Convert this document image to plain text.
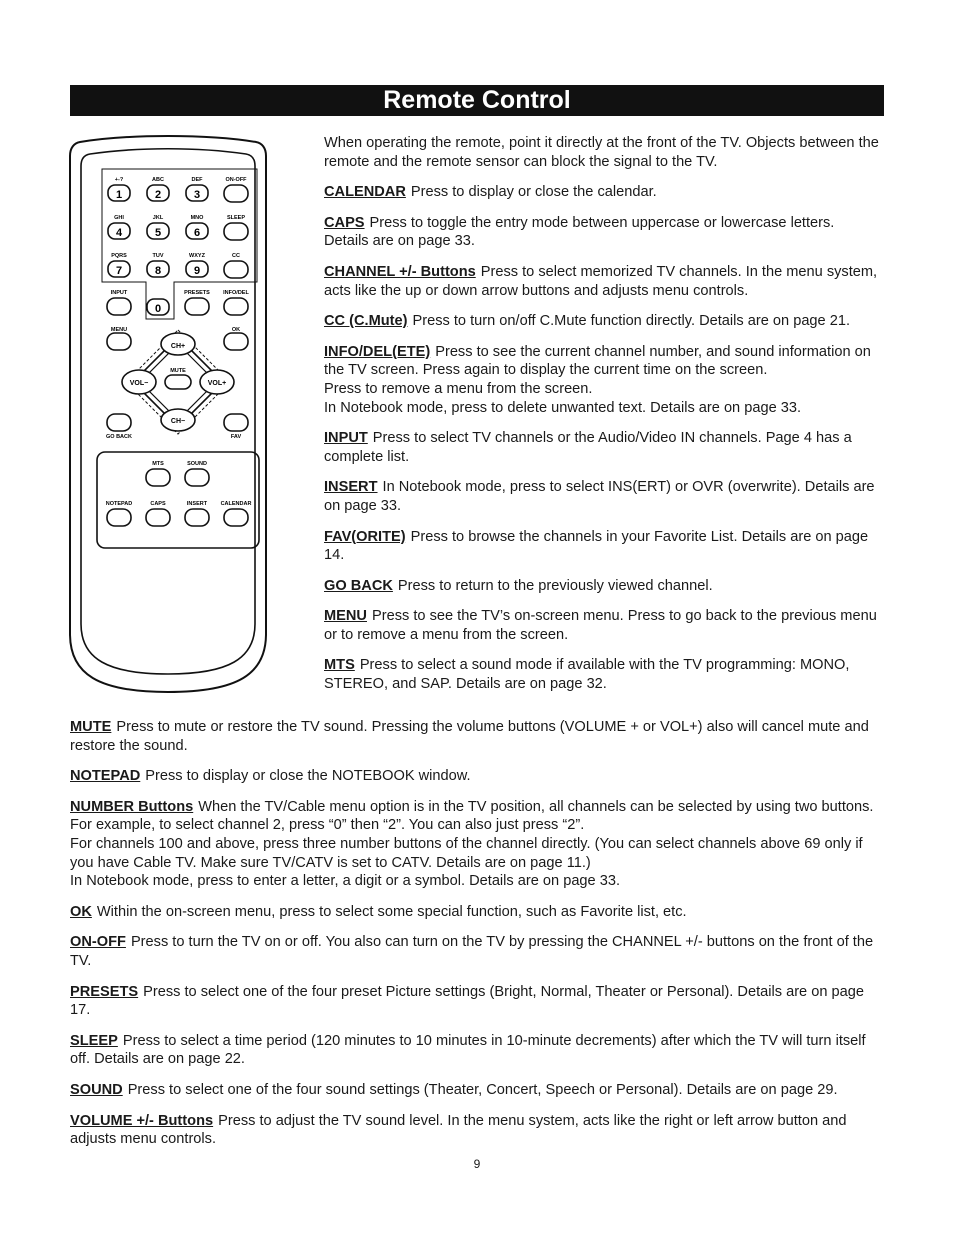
Remote Control
+-?
1
ABC
2
DEF
3
GHI
4
JKL
5
MNO
6
PQRS
7
TUV
8
WXYZ
9
0
ON-OFF
SLEEP
CC
INPUT	PRESETS INFO/DEL
CH+
CH−
VOL−	VOL+
MUTE
MENU	OK
GO BACK	FAV
MTS	SOUND
NOTEPAD	CAPS	INSERT CALENDAR

When operating the remote, point it directly at the front of the TV. Objects between the remote and the remote sensor can block the signal to the TV.

CALENDAR Press to display or close the calendar.

CAPS Press to toggle the entry mode between uppercase or lowercase letters. Details are on page 33.

CHANNEL +/- Buttons Press to select memorized TV channels. In the menu system, acts like the up or down arrow buttons and adjusts menu controls.

CC (C.Mute) Press to turn on/off C.Mute function directly. Details are on page 21.

INFO/DEL(ETE) Press to see the current channel number, and sound information on the TV screen. Press again to display the current time on the screen.
Press to remove a menu from the screen.
In Notebook mode, press to delete unwanted text. Details are on page 33.

INPUT Press to select TV channels or the Audio/Video IN channels. Page 4 has a complete list.

INSERT In Notebook mode, press to select INS(ERT) or OVR (overwrite). Details are on page 33.

FAV(ORITE) Press to browse the channels in your Favorite List. Details are on page 14.

GO BACK Press to return to the previously viewed channel.

MENU Press to see the TV’s on-screen menu. Press to go back to the previous menu or to remove a menu from the screen.

MTS Press to select a sound mode if available with the TV programming: MONO, STEREO, and SAP. Details are on page 32.

MUTE Press to mute or restore the TV sound. Pressing the volume buttons (VOLUME + or VOL+) also will cancel mute and restore the sound.

NOTEPAD Press to display or close the NOTEBOOK window.

NUMBER Buttons When the TV/Cable menu option is in the TV position, all channels can be selected by using two buttons. For example, to select channel 2, press “0” then “2”. You can also just press “2”.
For channels 100 and above, press three number buttons of the channel directly. (You can select channels above 69 only if you have Cable TV. Make sure TV/CATV is set to CATV. Details are on page 11.)
In Notebook mode, press to enter a letter, a digit or a symbol. Details are on page 33.

OK Within the on-screen menu, press to select some special function, such as Favorite list, etc.

ON-OFF Press to turn the TV on or off. You also can turn on the TV by pressing the CHANNEL +/- buttons on the front of the TV.

PRESETS Press to select one of the four preset Picture settings (Bright, Normal, Theater or Personal). Details are on page 17.

SLEEP Press to select a time period (120 minutes to 10 minutes in 10-minute decrements) after which the TV will turn itself off. Details are on page 22.

SOUND Press to select one of the four sound settings (Theater, Concert, Speech or Personal). Details are on page 29.

VOLUME +/- Buttons Press to adjust the TV sound level. In the menu system, acts like the right or left arrow button and adjusts menu controls.

9
